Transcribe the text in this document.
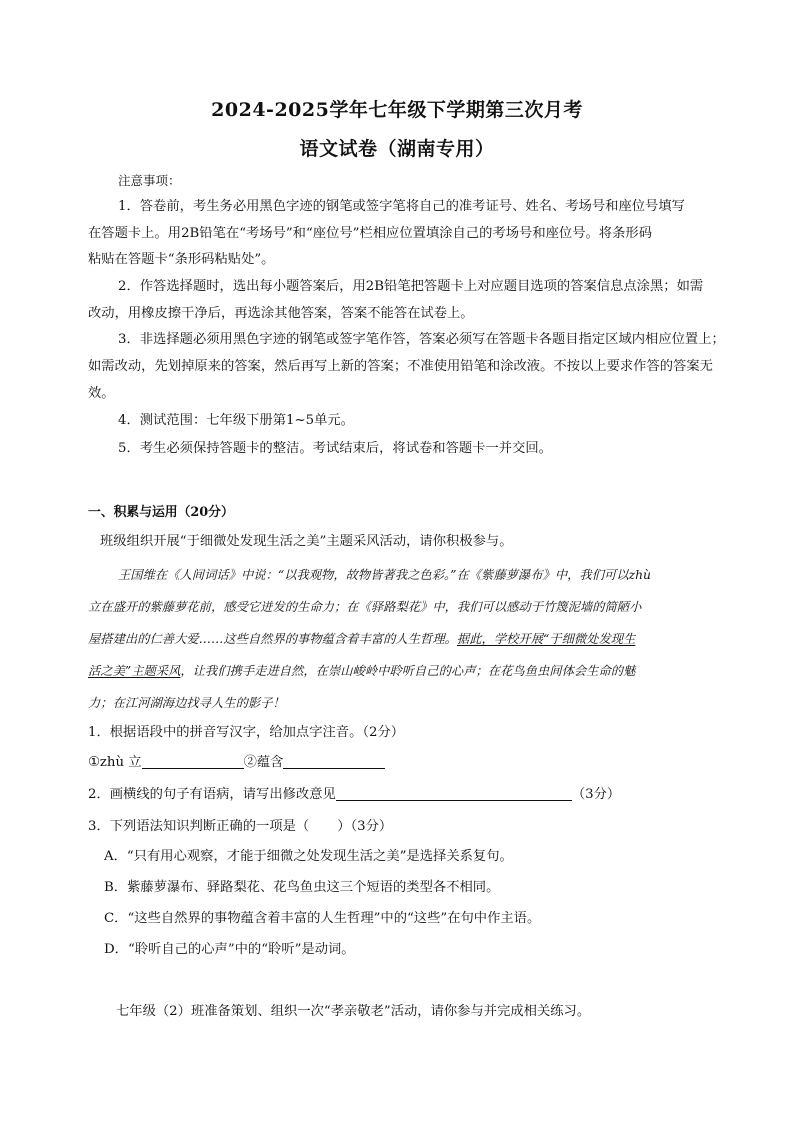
2024-2025学年七年级下学期第三次月考
语文试卷（湖南专用）
注意事项：
1．答卷前，考生务必用黑色字迹的钢笔或签字笔将自己的准考证号、姓名、考场号和座位号填写
在答题卡上。用2B铅笔在“考场号”和“座位号”栏相应位置填涂自己的考场号和座位号。将条形码
粘贴在答题卡“条形码粘贴处”。
2．作答选择题时，选出每小题答案后，用2B铅笔把答题卡上对应题目选项的答案信息点涂黑；如需
改动，用橡皮擦干净后，再选涂其他答案，答案不能答在试卷上。
3．非选择题必须用黑色字迹的钢笔或签字笔作答，答案必须写在答题卡各题目指定区域内相应位置上；
如需改动，先划掉原来的答案，然后再写上新的答案；不准使用铅笔和涂改液。不按以上要求作答的答案无
效。
4．测试范围：七年级下册第1~5单元。
5．考生必须保持答题卡的整洁。考试结束后，将试卷和答题卡一并交回。
一、积累与运用（20分）
班级组织开展“于细微处发现生活之美”主题采风活动，请你积极参与。
王国维在《人间词话》中说：“以我观物，故物皆著我之色彩。”在《紫藤萝瀑布》中，我们可以zhù
立在盛开的紫藤萝花前，感受它迸发的生命力；在《驿路梨花》中，我们可以感动于竹篾泥墙的简陋小
屋搭建出的仁善大爱……这些自然界的事物蕴含着丰富的人生哲理。据此，学校开展“于细微处发现生
活之美”主题采风，让我们携手走进自然，在崇山峻岭中聆听自己的心声；在花鸟鱼虫间体会生命的魅
力；在江河湖海边找寻人生的影子！
1．根据语段中的拼音写汉字，给加点字注音。（2分）
①zhù 立	②蕴含
2．画横线的句子有语病，请写出修改意见	（3分）
3．下列语法知识判断正确的一项是（ ）（3分）
A．“只有用心观察，才能于细微之处发现生活之美”是选择关系复句。
B．紫藤萝瀑布、驿路梨花、花鸟鱼虫这三个短语的类型各不相同。
C．“这些自然界的事物蕴含着丰富的人生哲理”中的“这些”在句中作主语。
D．“聆听自己的心声”中的“聆听”是动词。
七年级（2）班准备策划、组织一次“孝亲敬老”活动，请你参与并完成相关练习。
